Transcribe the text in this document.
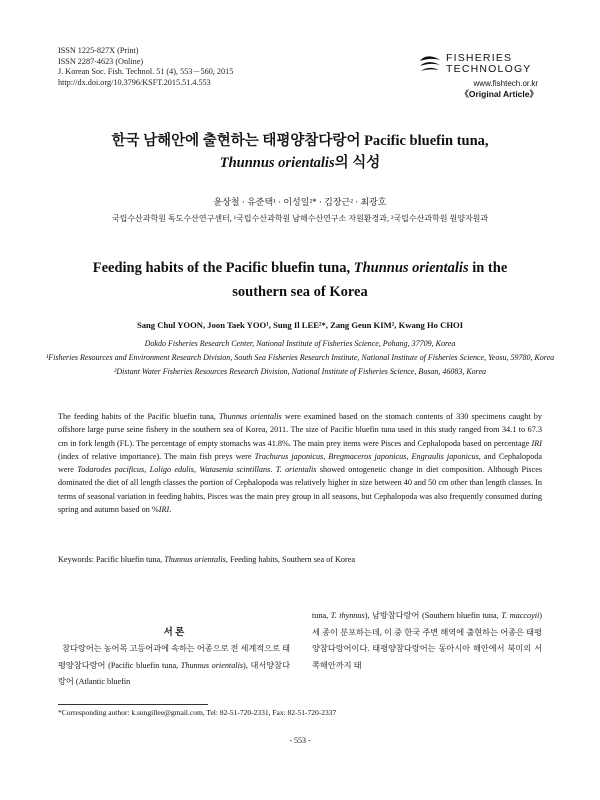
ISSN 1225-827X (Print)
ISSN 2287-4623 (Online)
J. Korean Soc. Fish. Technol. 51 (4), 553－560, 2015
http://dx.doi.org/10.3796/KSFT.2015.51.4.553
FISHERIES
TECHNOLOGY
www.fishtech.or.kr
《Original Article》
한국 남해안에 출현하는 태평양참다랑어 Pacific bluefin tuna,
Thunnus orientalis의 식성
윤상철 · 유준택¹ · 이성일²* · 김장근² · 최광호
국립수산과학원 독도수산연구센터, ¹국립수산과학원 남해수산연구소 자원환경과, ²국립수산과학원 원양자원과
Feeding habits of the Pacific bluefin tuna, Thunnus orientalis in the
southern sea of Korea
Sang Chul YOON, Joon Taek YOO¹, Sung Il LEE²*, Zang Geun KIM², Kwang Ho CHOI
Dokdo Fisheries Research Center, National Institute of Fisheries Science, Pohang, 37709, Korea
¹Fisheries Resources and Environment Research Division, South Sea Fisheries Research Institute, National Institute of Fisheries Science, Yeosu, 59780, Korea
²Distant Water Fisheries Resources Research Division, National Institute of Fisheries Science, Busan, 46083, Korea
The feeding habits of the Pacific bluefin tuna, Thunnus orientalis were examined based on the stomach contents of 330 specimens caught by offshore large purse seine fishery in the southern sea of Korea, 2011. The size of Pacific bluefin tuna used in this study ranged from 34.1 to 67.3 cm in fork length (FL). The percentage of empty stomachs was 41.8%. The main prey items were Pisces and Cephalopoda based on percentage IRI (index of relative importance). The main fish preys were Trachurus japonicus, Bregmaceros japonicus, Engraulis japonicus, and Cephalopoda were Todarodes pacificus, Loligo edulis, Watasenia scintillans. T. orientalis showed ontogenetic change in diet composition. Although Pisces dominated the diet of all length classes the portion of Cephalopoda was relatively higher in size between 40 and 50 cm other than length classes. In terms of seasonal variation in feeding habits, Pisces was the main prey group in all seasons, but Cephalopoda was also frequently consumed during spring and autumn based on %IRI.
Keywords: Pacific bluefin tuna, Thunnus orientalis, Feeding habits, Southern sea of Korea
서 론
참다랑어는 농어목 고등어과에 속하는 어종으로 전 세계적으로 태평양참다랑어 (Pacific bluefin tuna, Thunnus orientalis), 대서양참다랑어 (Atlantic bluefin
tuna, T. thynnus), 남방참다랑어 (Southern bluefin tuna, T. maccoyii) 세 종이 분포하는데, 이 중 한국 주변 해역에 출현하는 어종은 태평양참다랑어이다. 태평양참다랑어는 동아시아 해안에서 북미의 서쪽해안까지 태
*Corresponding author: k.sungillee@gmail.com, Tel: 82-51-720-2331, Fax: 82-51-720-2337
- 553 -
